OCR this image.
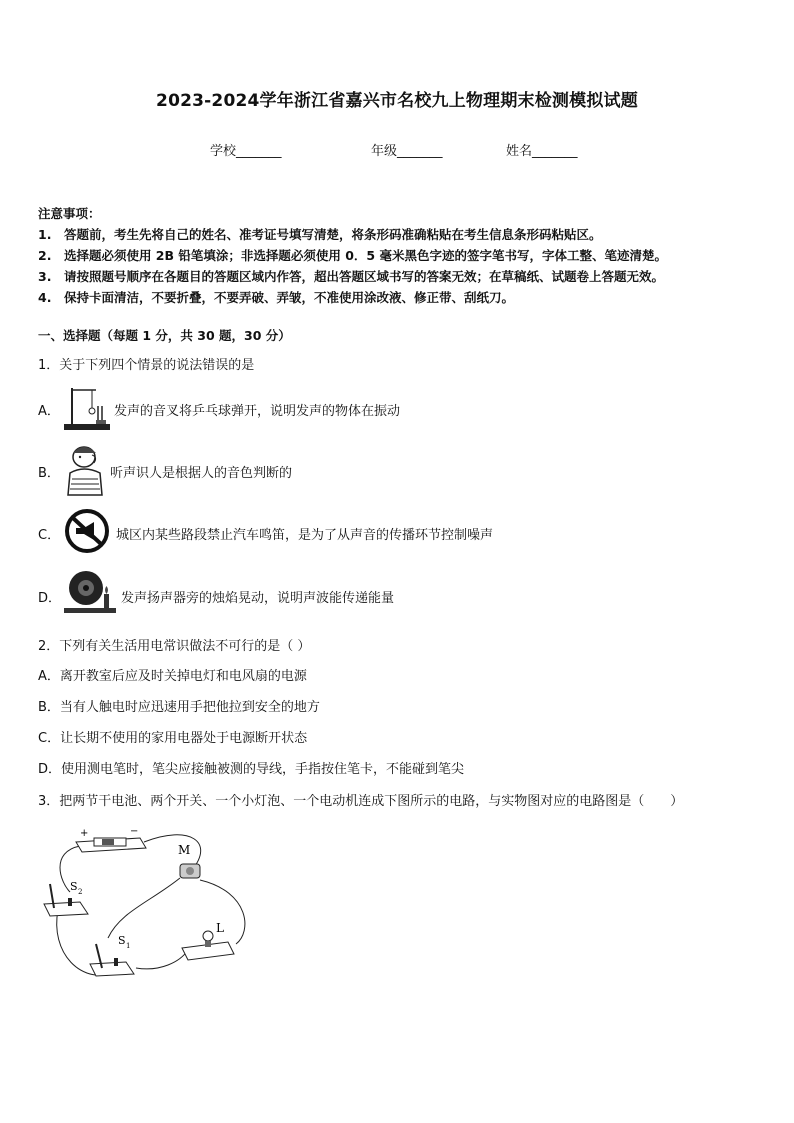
2023-2024学年浙江省嘉兴市名校九上物理期末检测模拟试题
学校_______	年级_______	姓名_______
注意事项：
1.　答题前，考生先将自己的姓名、准考证号填写清楚，将条形码准确粘贴在考生信息条形码粘贴区。
2.　选择题必须使用 2B 铅笔填涂；非选择题必须使用 0．5 毫米黑色字迹的签字笔书写，字体工整、笔迹清楚。
3.　请按照题号顺序在各题目的答题区域内作答，超出答题区域书写的答案无效；在草稿纸、试题卷上答题无效。
4.　保持卡面清洁，不要折叠，不要弄破、弄皱，不准使用涂改液、修正带、刮纸刀。
一、选择题（每题 1 分，共 30 题，30 分）
1．关于下列四个情景的说法错误的是
A．	发声的音叉将乒乓球弹开，说明发声的物体在振动
B．	听声识人是根据人的音色判断的
C．	城区内某些路段禁止汽车鸣笛，是为了从声音的传播环节控制噪声
D．	发声扬声器旁的烛焰晃动，说明声波能传递能量
2．下列有关生活用电常识做法不可行的是（ ）
A．离开教室后应及时关掉电灯和电风扇的电源
B．当有人触电时应迅速用手把他拉到安全的地方
C．让长期不使用的家用电器处于电源断开状态
D．使用测电笔时，笔尖应接触被测的导线，手指按住笔卡，不能碰到笔尖
3．把两节干电池、两个开关、一个小灯泡、一个电动机连成下图所示的电路，与实物图对应的电路图是（　　）
+	−
M
S 2
S 1
L
